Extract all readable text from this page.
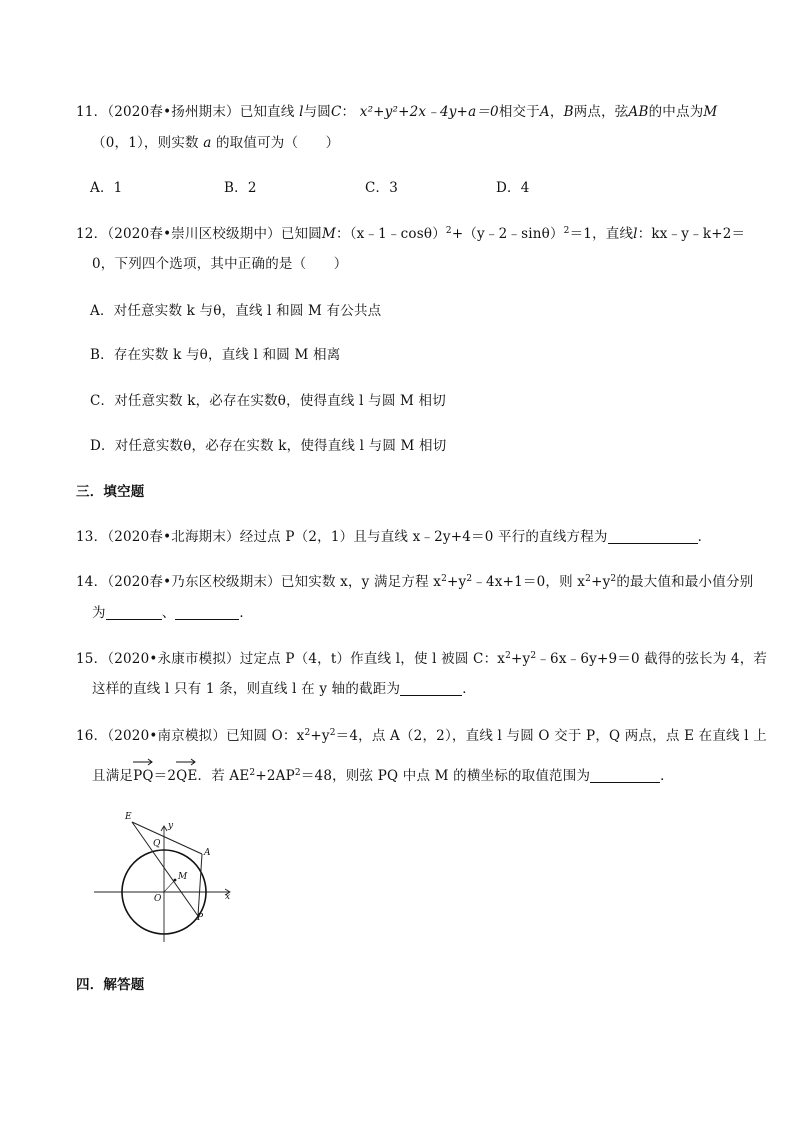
11．（2020春•扬州期末）已知直线 l与圆C： x²+y²+2x﹣4y+a＝0相交于A，B两点，弦AB的中点为M
（0，1），则实数 a 的取值可为（　　）
A．1	B．2	C．3	D．4
12．（2020春•崇川区校级期中）已知圆M：（x﹣1﹣cosθ）$^2$+（y﹣2﹣sinθ）$^2$＝1，直线l：kx﹣y﹣k+2＝
0，下列四个选项，其中正确的是（　　）
A．对任意实数 k 与θ，直线 l 和圆 M 有公共点
B．存在实数 k 与θ，直线 l 和圆 M 相离
C．对任意实数 k，必存在实数θ，使得直线 l 与圆 M 相切
D．对任意实数θ，必存在实数 k，使得直线 l 与圆 M 相切
三．填空题
13．（2020春•北海期末）经过点 P（2，1）且与直线 x﹣2y+4＝0 平行的直线方程为	．
14．（2020春•乃东区校级期末）已知实数 x，y 满足方程 $x^2+y^2﹣4x+1=0$，则 $x^2+y^2$的最大值和最小值分别
为	、	．
15．（2020•永康市模拟）过定点 P（4，t）作直线 l，使 l 被圆 C：$x^2+y^2﹣6x﹣6y+9=0$ 截得的弦长为 4，若
这样的直线 l 只有 1 条，则直线 l 在 y 轴的截距为	．
16．（2020•南京模拟）已知圆 O：$x^2+y^2=4$，点 A（2，2），直线 l 与圆 O 交于 P，Q 两点，点 E 在直线 l 上
且满足
PQ＝2
QE．若 $AE^2+2AP^2=48$，则弦 PQ 中点 M 的横坐标的取值范围为	．
E
y
Q
A
M
O	x
P
四．解答题
